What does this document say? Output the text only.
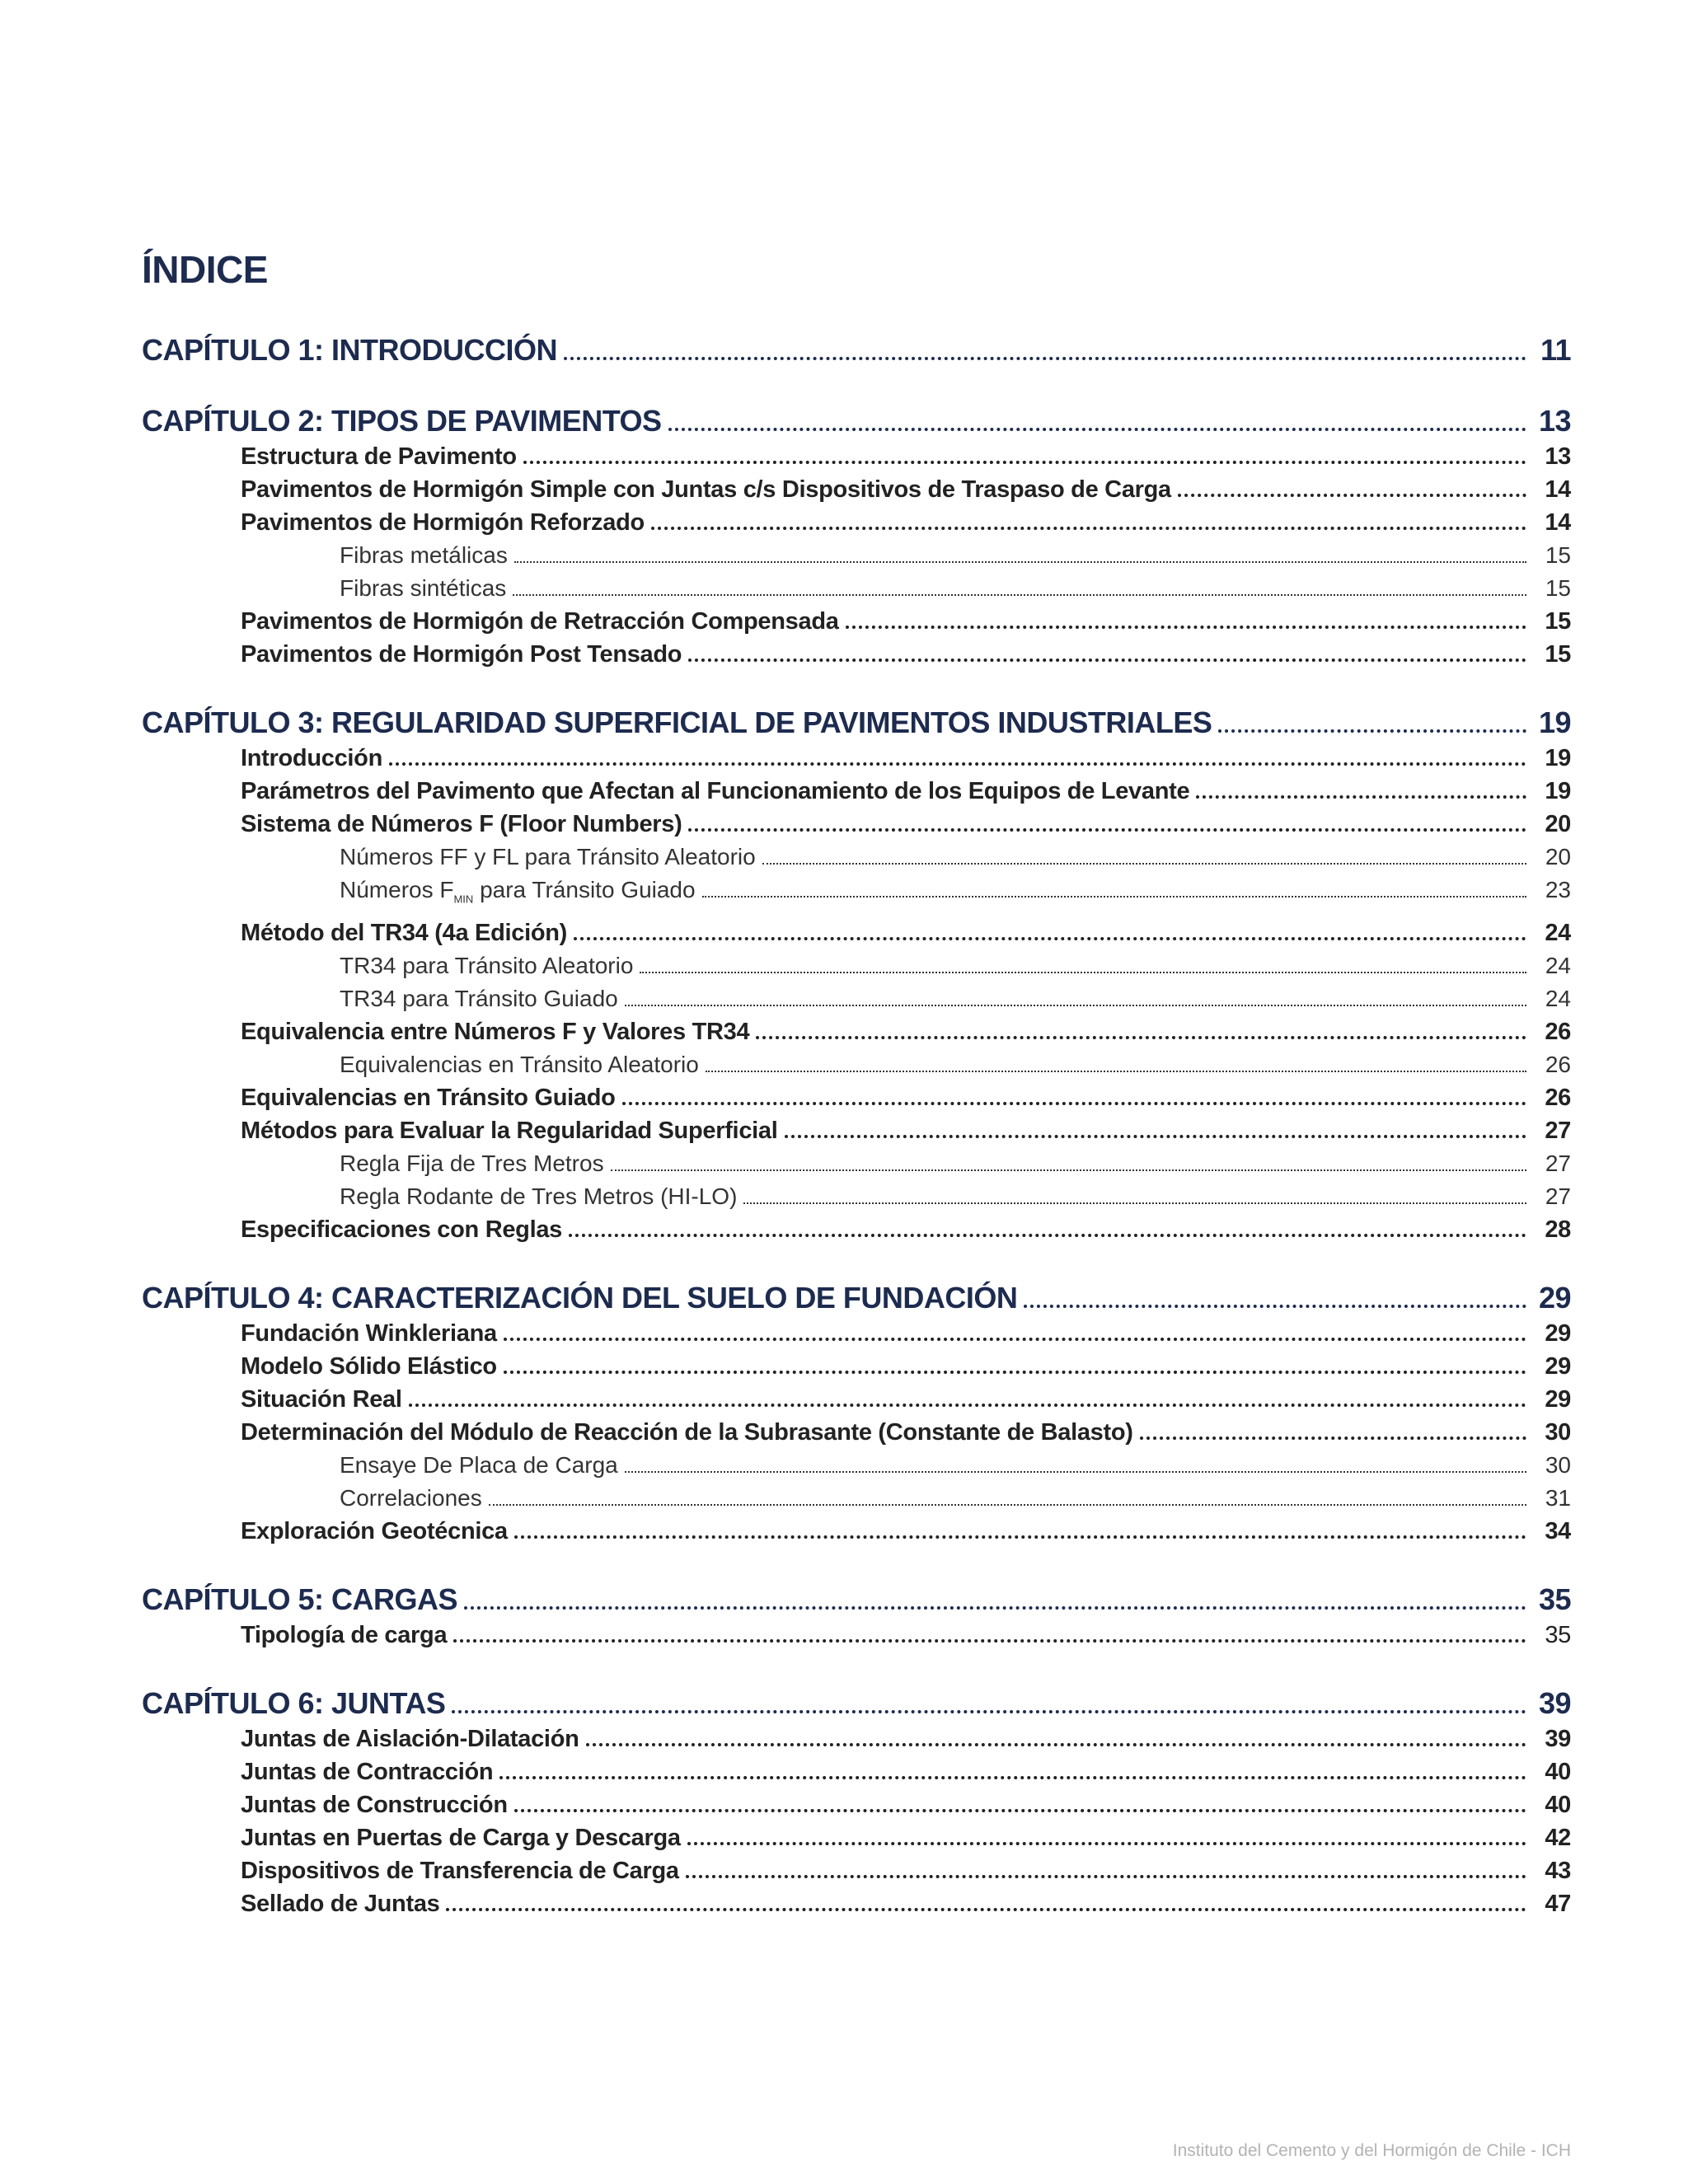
ÍNDICE
CAPÍTULO 1: INTRODUCCIÓN	11
CAPÍTULO 2: TIPOS DE PAVIMENTOS	13
Estructura de Pavimento	13
Pavimentos de Hormigón Simple con Juntas c/s Dispositivos de Traspaso de Carga	14
Pavimentos de Hormigón Reforzado	14
Fibras metálicas	15
Fibras sintéticas	15
Pavimentos de Hormigón de Retracción Compensada	15
Pavimentos de Hormigón Post Tensado	15
CAPÍTULO 3: REGULARIDAD SUPERFICIAL DE PAVIMENTOS INDUSTRIALES	19
Introducción	19
Parámetros del Pavimento que Afectan al Funcionamiento de los Equipos de Levante	19
Sistema de Números F (Floor Numbers)	20
Números FF y FL para Tránsito Aleatorio	20
Números $F_{MIN}$ para Tránsito Guiado	23
Método del TR34 (4a Edición)	24
TR34 para Tránsito Aleatorio	24
TR34 para Tránsito Guiado	24
Equivalencia entre Números F y Valores TR34	26
Equivalencias en Tránsito Aleatorio	26
Equivalencias en Tránsito Guiado	26
Métodos para Evaluar la Regularidad Superficial	27
Regla Fija de Tres Metros	27
Regla Rodante de Tres Metros (HI-LO)	27
Especificaciones con Reglas	28
CAPÍTULO 4: CARACTERIZACIÓN DEL SUELO DE FUNDACIÓN	29
Fundación Winkleriana	29
Modelo Sólido Elástico	29
Situación Real	29
Determinación del Módulo de Reacción de la Subrasante (Constante de Balasto)	30
Ensaye De Placa de Carga	30
Correlaciones	31
Exploración Geotécnica	34
CAPÍTULO 5: CARGAS	35
Tipología de carga	35
CAPÍTULO 6: JUNTAS	39
Juntas de Aislación-Dilatación	39
Juntas de Contracción	40
Juntas de Construcción	40
Juntas en Puertas de Carga y Descarga	42
Dispositivos de Transferencia de Carga	43
Sellado de Juntas	47
Instituto del Cemento y del Hormigón de Chile - ICH
